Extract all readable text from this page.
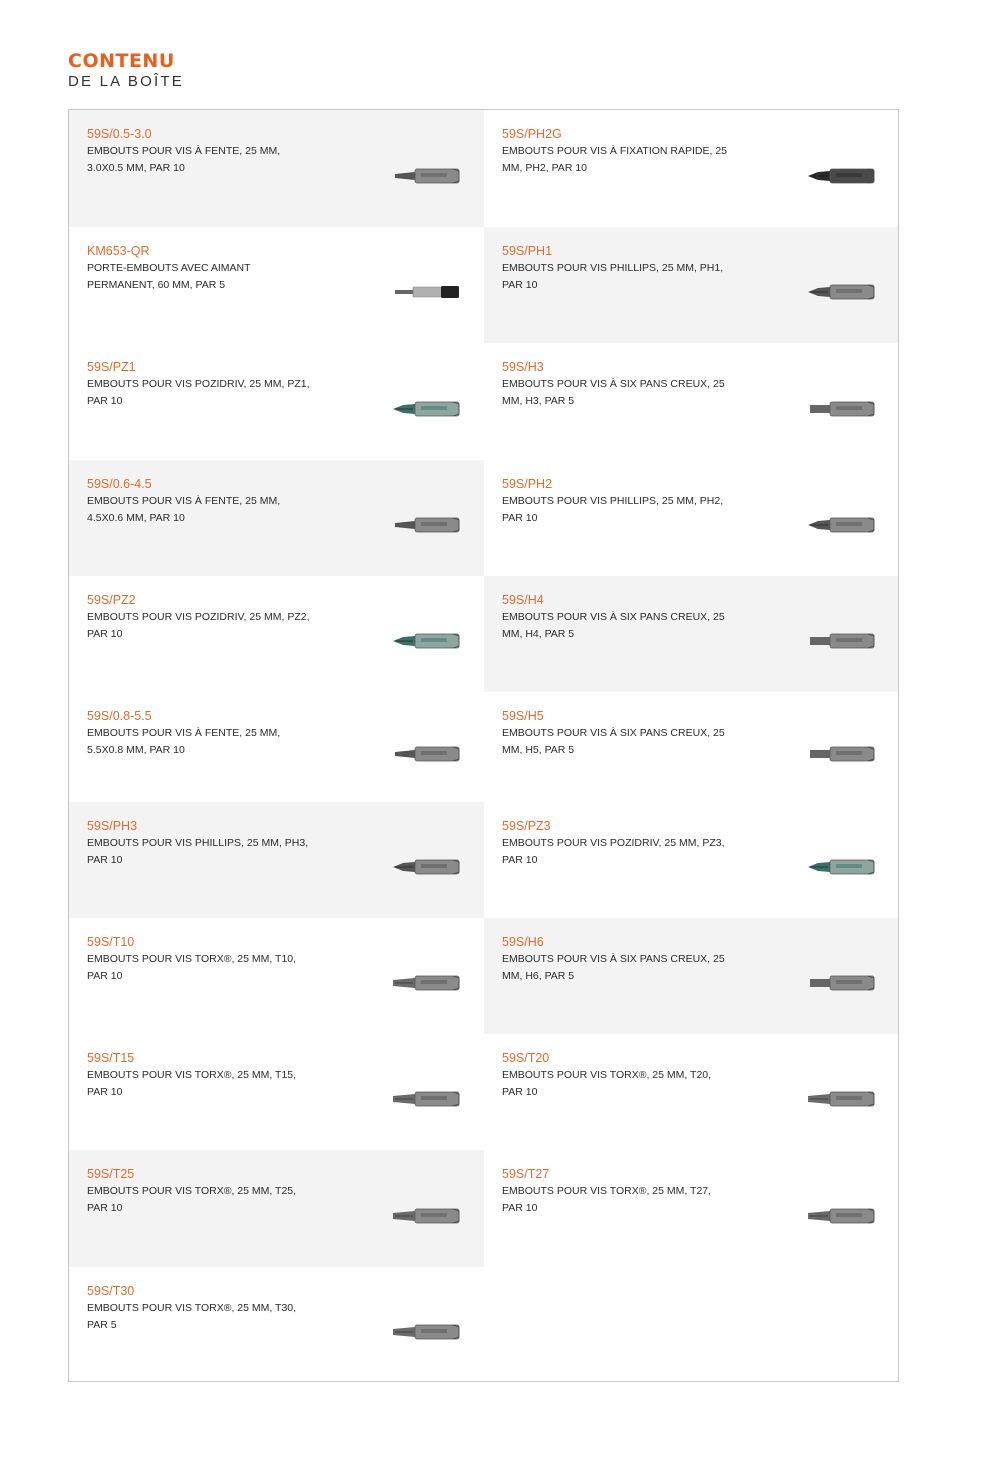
CONTENU
DE LA BOÎTE
59S/0.5-3.0
EMBOUTS POUR VIS À FENTE, 25 MM,
3.0X0.5 MM, PAR 10
59S/PH2G
EMBOUTS POUR VIS À FIXATION RAPIDE, 25
MM, PH2, PAR 10
KM653-QR
PORTE-EMBOUTS AVEC AIMANT
PERMANENT, 60 MM, PAR 5
59S/PH1
EMBOUTS POUR VIS PHILLIPS, 25 MM, PH1,
PAR 10
59S/PZ1
EMBOUTS POUR VIS POZIDRIV, 25 MM, PZ1,
PAR 10
59S/H3
EMBOUTS POUR VIS À SIX PANS CREUX, 25
MM, H3, PAR 5
59S/0.6-4.5
EMBOUTS POUR VIS À FENTE, 25 MM,
4.5X0.6 MM, PAR 10
59S/PH2
EMBOUTS POUR VIS PHILLIPS, 25 MM, PH2,
PAR 10
59S/PZ2
EMBOUTS POUR VIS POZIDRIV, 25 MM, PZ2,
PAR 10
59S/H4
EMBOUTS POUR VIS À SIX PANS CREUX, 25
MM, H4, PAR 5
59S/0.8-5.5
EMBOUTS POUR VIS À FENTE, 25 MM,
5.5X0.8 MM, PAR 10
59S/H5
EMBOUTS POUR VIS À SIX PANS CREUX, 25
MM, H5, PAR 5
59S/PH3
EMBOUTS POUR VIS PHILLIPS, 25 MM, PH3,
PAR 10
59S/PZ3
EMBOUTS POUR VIS POZIDRIV, 25 MM, PZ3,
PAR 10
59S/T10
EMBOUTS POUR VIS TORX®, 25 MM, T10,
PAR 10
59S/H6
EMBOUTS POUR VIS À SIX PANS CREUX, 25
MM, H6, PAR 5
59S/T15
EMBOUTS POUR VIS TORX®, 25 MM, T15,
PAR 10
59S/T20
EMBOUTS POUR VIS TORX®, 25 MM, T20,
PAR 10
59S/T25
EMBOUTS POUR VIS TORX®, 25 MM, T25,
PAR 10
59S/T27
EMBOUTS POUR VIS TORX®, 25 MM, T27,
PAR 10
59S/T30
EMBOUTS POUR VIS TORX®, 25 MM, T30,
PAR 5
